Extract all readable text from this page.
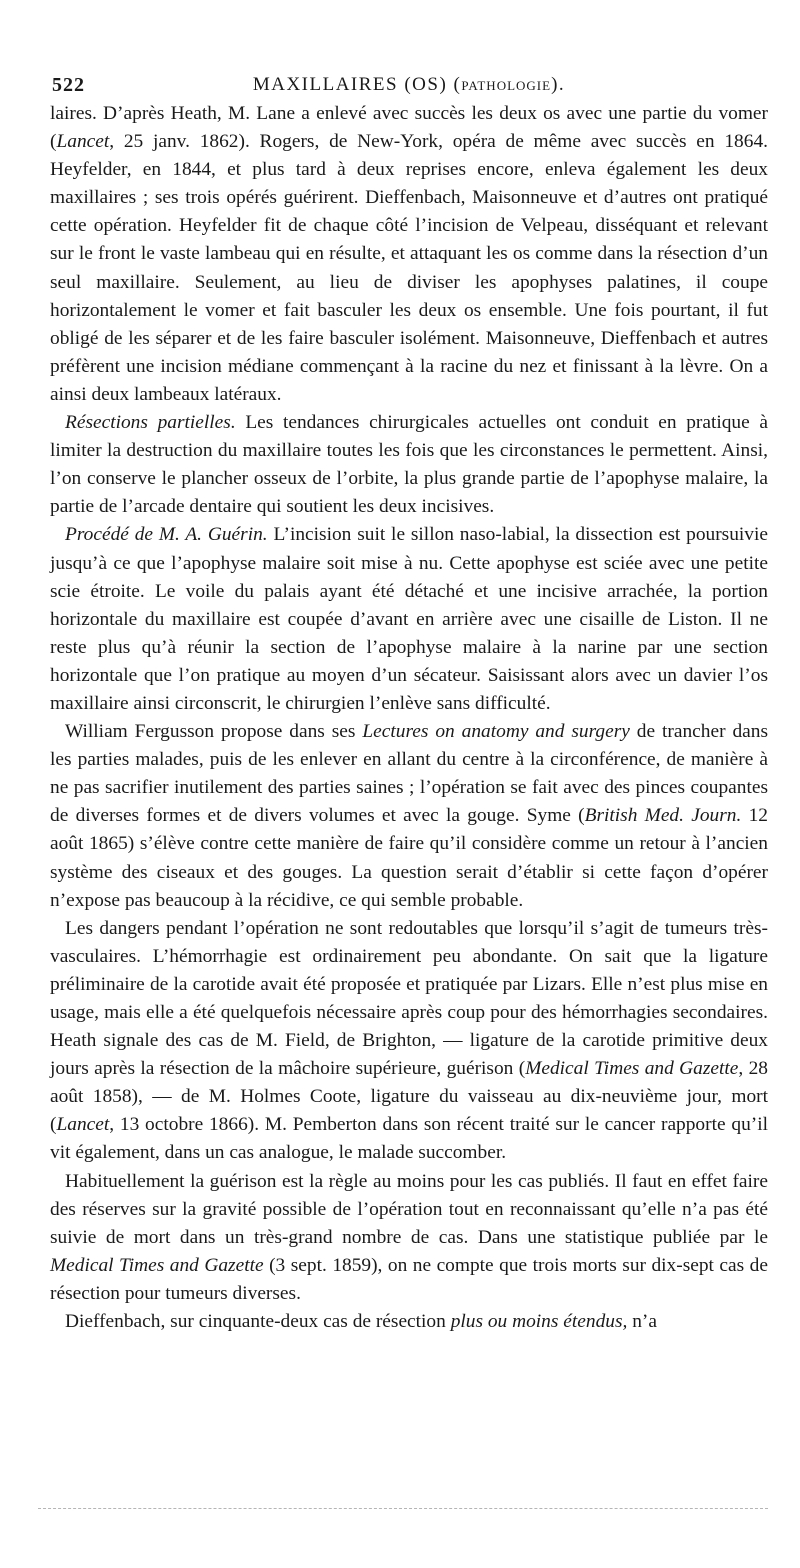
522	MAXILLAIRES (OS) (PATHOLOGIE).

laires. D’après Heath, M. Lane a enlevé avec succès les deux os avec une partie du vomer (Lancet, 25 janv. 1862). Rogers, de New-York, opéra de même avec succès en 1864. Heyfelder, en 1844, et plus tard à deux reprises encore, enleva également les deux maxillaires ; ses trois opérés guérirent. Dieffenbach, Maisonneuve et d’autres ont pratiqué cette opération. Heyfelder fit de chaque côté l’incision de Velpeau, disséquant et relevant sur le front le vaste lambeau qui en résulte, et attaquant les os comme dans la résection d’un seul maxillaire. Seulement, au lieu de diviser les apophyses palatines, il coupe horizontalement le vomer et fait basculer les deux os ensemble. Une fois pourtant, il fut obligé de les séparer et de les faire basculer isolément. Maisonneuve, Dieffenbach et autres préfèrent une incision médiane commençant à la racine du nez et finissant à la lèvre. On a ainsi deux lambeaux latéraux.

Résections partielles. Les tendances chirurgicales actuelles ont conduit en pratique à limiter la destruction du maxillaire toutes les fois que les circonstances le permettent. Ainsi, l’on conserve le plancher osseux de l’orbite, la plus grande partie de l’apophyse malaire, la partie de l’arcade dentaire qui soutient les deux incisives.

Procédé de M. A. Guérin. L’incision suit le sillon naso-labial, la dissection est poursuivie jusqu’à ce que l’apophyse malaire soit mise à nu. Cette apophyse est sciée avec une petite scie étroite. Le voile du palais ayant été détaché et une incisive arrachée, la portion horizontale du maxillaire est coupée d’avant en arrière avec une cisaille de Liston. Il ne reste plus qu’à réunir la section de l’apophyse malaire à la narine par une section horizontale que l’on pratique au moyen d’un sécateur. Saisissant alors avec un davier l’os maxillaire ainsi circonscrit, le chirurgien l’enlève sans difficulté.

William Fergusson propose dans ses Lectures on anatomy and surgery de trancher dans les parties malades, puis de les enlever en allant du centre à la circonférence, de manière à ne pas sacrifier inutilement des parties saines ; l’opération se fait avec des pinces coupantes de diverses formes et de divers volumes et avec la gouge. Syme (British Med. Journ. 12 août 1865) s’élève contre cette manière de faire qu’il considère comme un retour à l’ancien système des ciseaux et des gouges. La question serait d’établir si cette façon d’opérer n’expose pas beaucoup à la récidive, ce qui semble probable.

Les dangers pendant l’opération ne sont redoutables que lorsqu’il s’agit de tumeurs très-vasculaires. L’hémorrhagie est ordinairement peu abondante. On sait que la ligature préliminaire de la carotide avait été proposée et pratiquée par Lizars. Elle n’est plus mise en usage, mais elle a été quelquefois nécessaire après coup pour des hémorrhagies secondaires. Heath signale des cas de M. Field, de Brighton, — ligature de la carotide primitive deux jours après la résection de la mâchoire supérieure, guérison (Medical Times and Gazette, 28 août 1858), — de M. Holmes Coote, ligature du vaisseau au dix-neuvième jour, mort (Lancet, 13 octobre 1866). M. Pemberton dans son récent traité sur le cancer rapporte qu’il vit également, dans un cas analogue, le malade succomber.

Habituellement la guérison est la règle au moins pour les cas publiés. Il faut en effet faire des réserves sur la gravité possible de l’opération tout en reconnaissant qu’elle n’a pas été suivie de mort dans un très-grand nombre de cas. Dans une statistique publiée par le Medical Times and Gazette (3 sept. 1859), on ne compte que trois morts sur dix-sept cas de résection pour tumeurs diverses.

Dieffenbach, sur cinquante-deux cas de résection plus ou moins étendus, n’a
